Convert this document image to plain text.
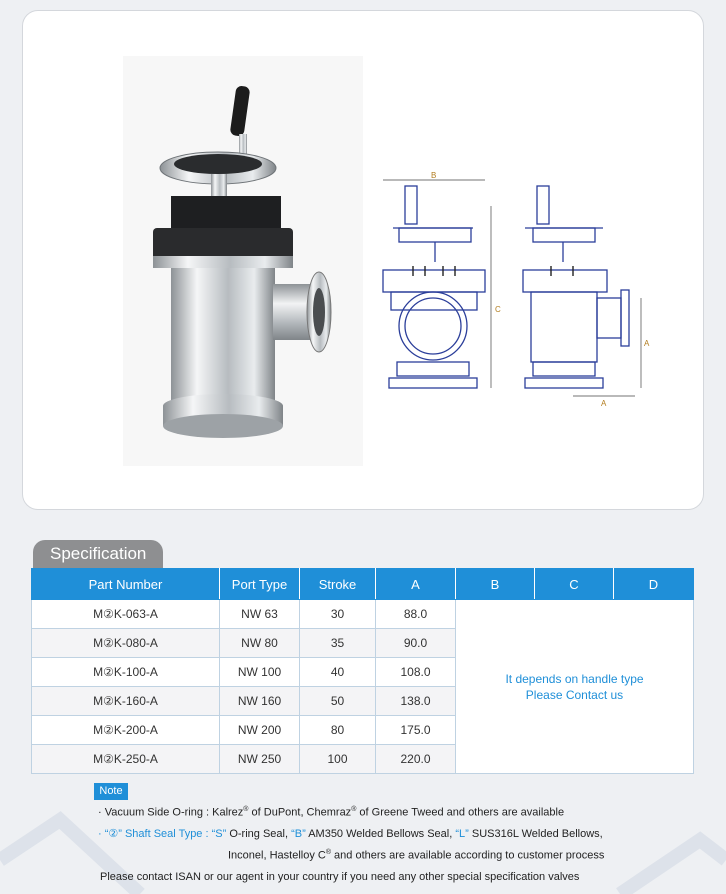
B
C
A
A
Specification
Part Number	Port Type	Stroke	A	B	C	D
M②K-063-A	NW 63	30	88.0	It depends on handle type
Please Contact us		

M②K-080-A	NW 80	35	90.0			
M②K-100-A	NW 100	40	108.0			
M②K-160-A	NW 160	50	138.0			
M②K-200-A	NW 200	80	175.0			
M②K-250-A	NW 250	100	220.0			
Note
· Vacuum Side O-ring : Kalrez® of DuPont, Chemraz® of Greene Tweed and others are available
· “②” Shaft Seal Type : “S” O-ring Seal, “B” AM350 Welded Bellows Seal, “L” SUS316L Welded Bellows,
Inconel, Hastelloy C® and others are available according to customer process
Please contact ISAN or our agent in your country if you need any other special specification valves
